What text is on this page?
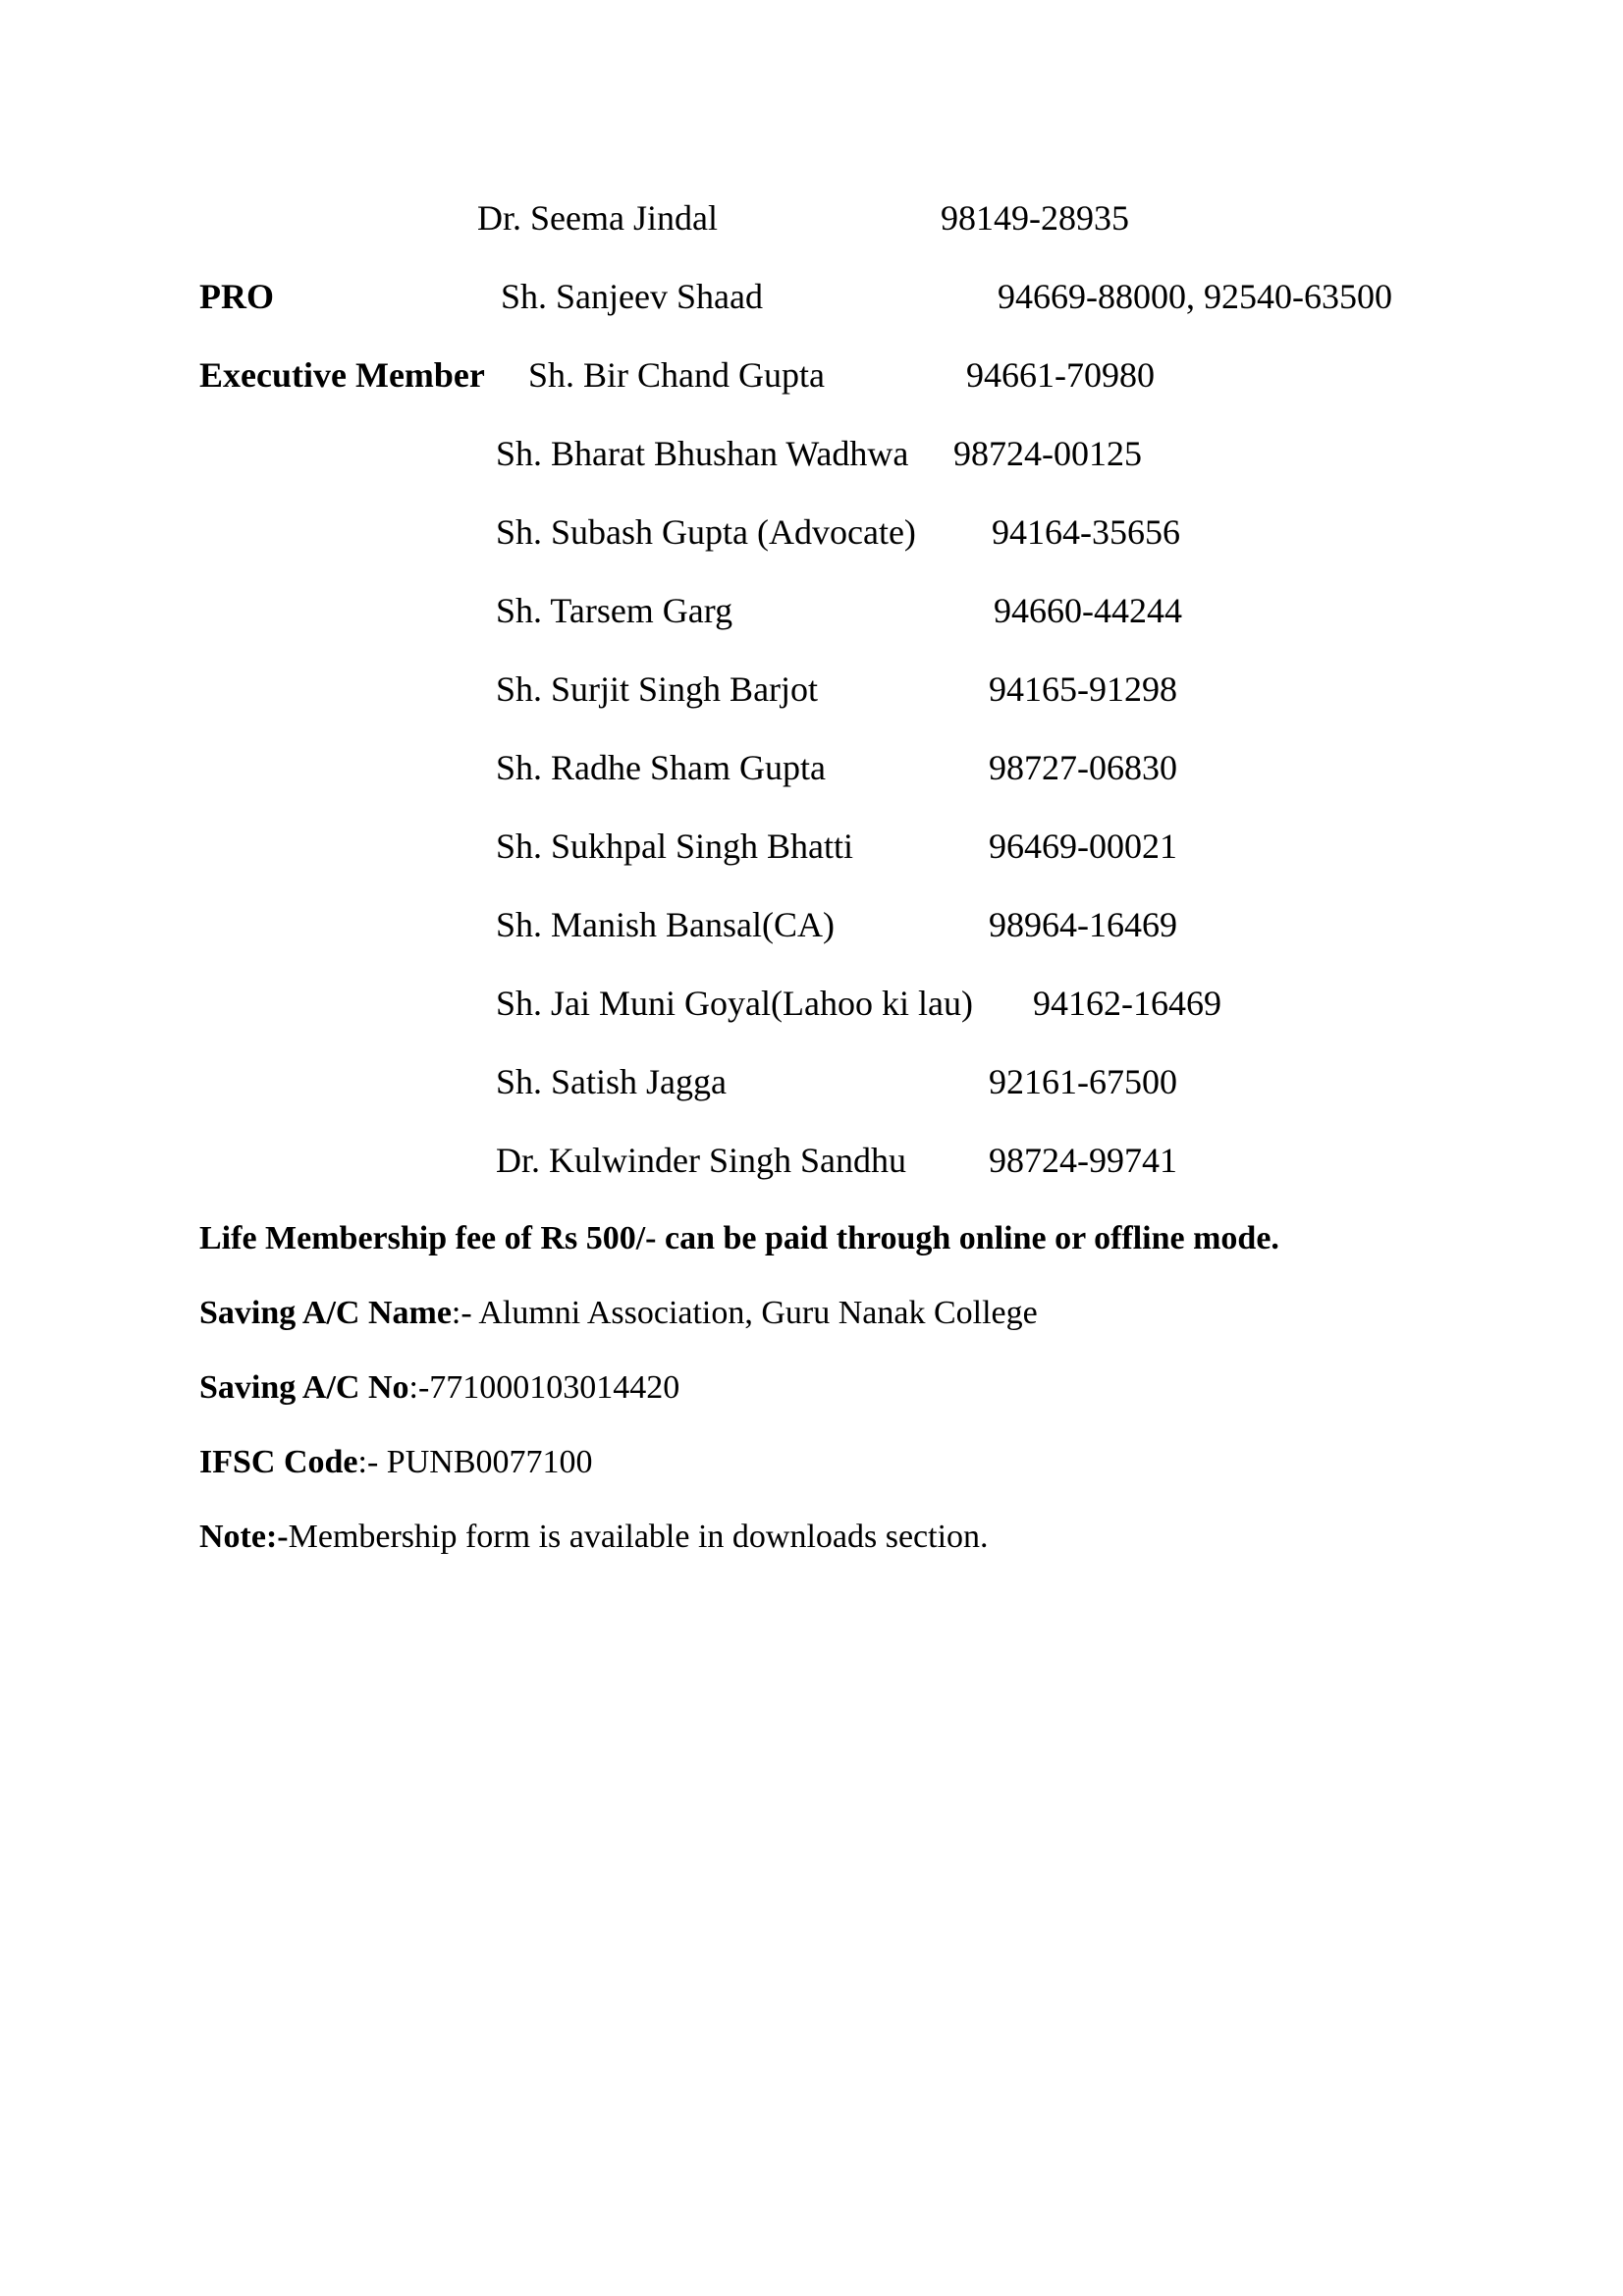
Dr. Seema Jindal	98149-28935
PRO	Sh. Sanjeev Shaad	94669-88000, 92540-63500
Executive Member Sh. Bir Chand Gupta	94661-70980
Sh. Bharat Bhushan Wadhwa 98724-00125
Sh. Subash Gupta (Advocate) 94164-35656
Sh. Tarsem Garg	94660-44244
Sh. Surjit Singh Barjot	94165-91298
Sh. Radhe Sham Gupta	98727-06830
Sh. Sukhpal Singh Bhatti	96469-00021
Sh. Manish Bansal(CA)	98964-16469
Sh. Jai Muni Goyal(Lahoo ki lau) 94162-16469
Sh. Satish Jagga	92161-67500
Dr. Kulwinder Singh Sandhu 98724-99741
Life Membership fee of Rs 500/- can be paid through online or offline mode.
Saving A/C Name:- Alumni Association, Guru Nanak College
Saving A/C No:-771000103014420
IFSC Code:- PUNB0077100
Note:-Membership form is available in downloads section.
